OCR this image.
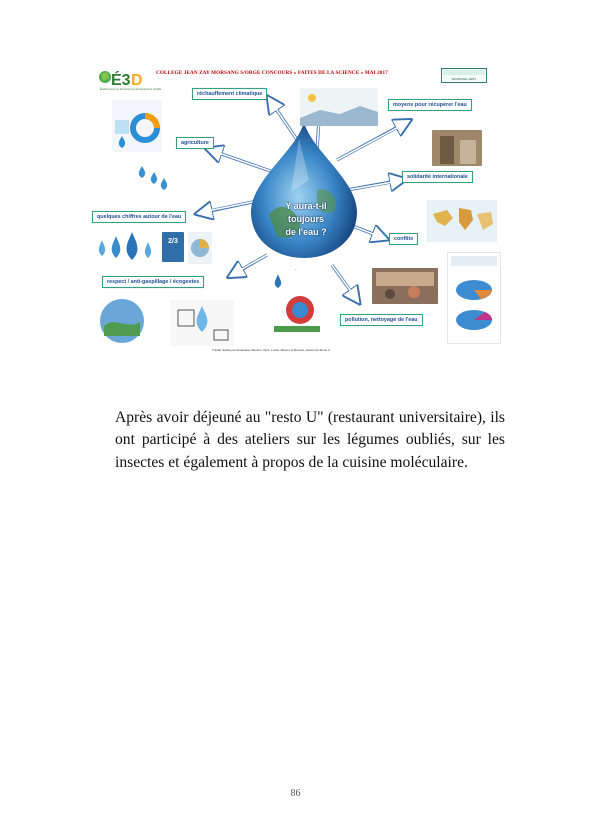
COLLEGE JEAN ZAY MORSANG S/ORGE CONCOURS « FAITES DE LA SCIENCE » MAI 2017
É3 D
Établissement en démarche de développement durable
MORSANG VERT
Y aura-t-il
toujours
de l'eau ?
réchauffement climatique
agriculture
moyens pour récupérer l'eau
solidarité internationale
quelques chiffres autour de l'eau
conflits
respect / anti-gaspillage / écogestes
pollution, nettoyage de l'eau
2/3
Travail réalisé par Anastasia, Damien, Ilyes, Lucile, Manon et Romain, élèves de 5ème C

Après avoir déjeuné au "resto U" (restaurant universitaire), ils ont participé à des ateliers sur les légumes oubliés, sur les insectes et également à propos de la cuisine moléculaire.

86
